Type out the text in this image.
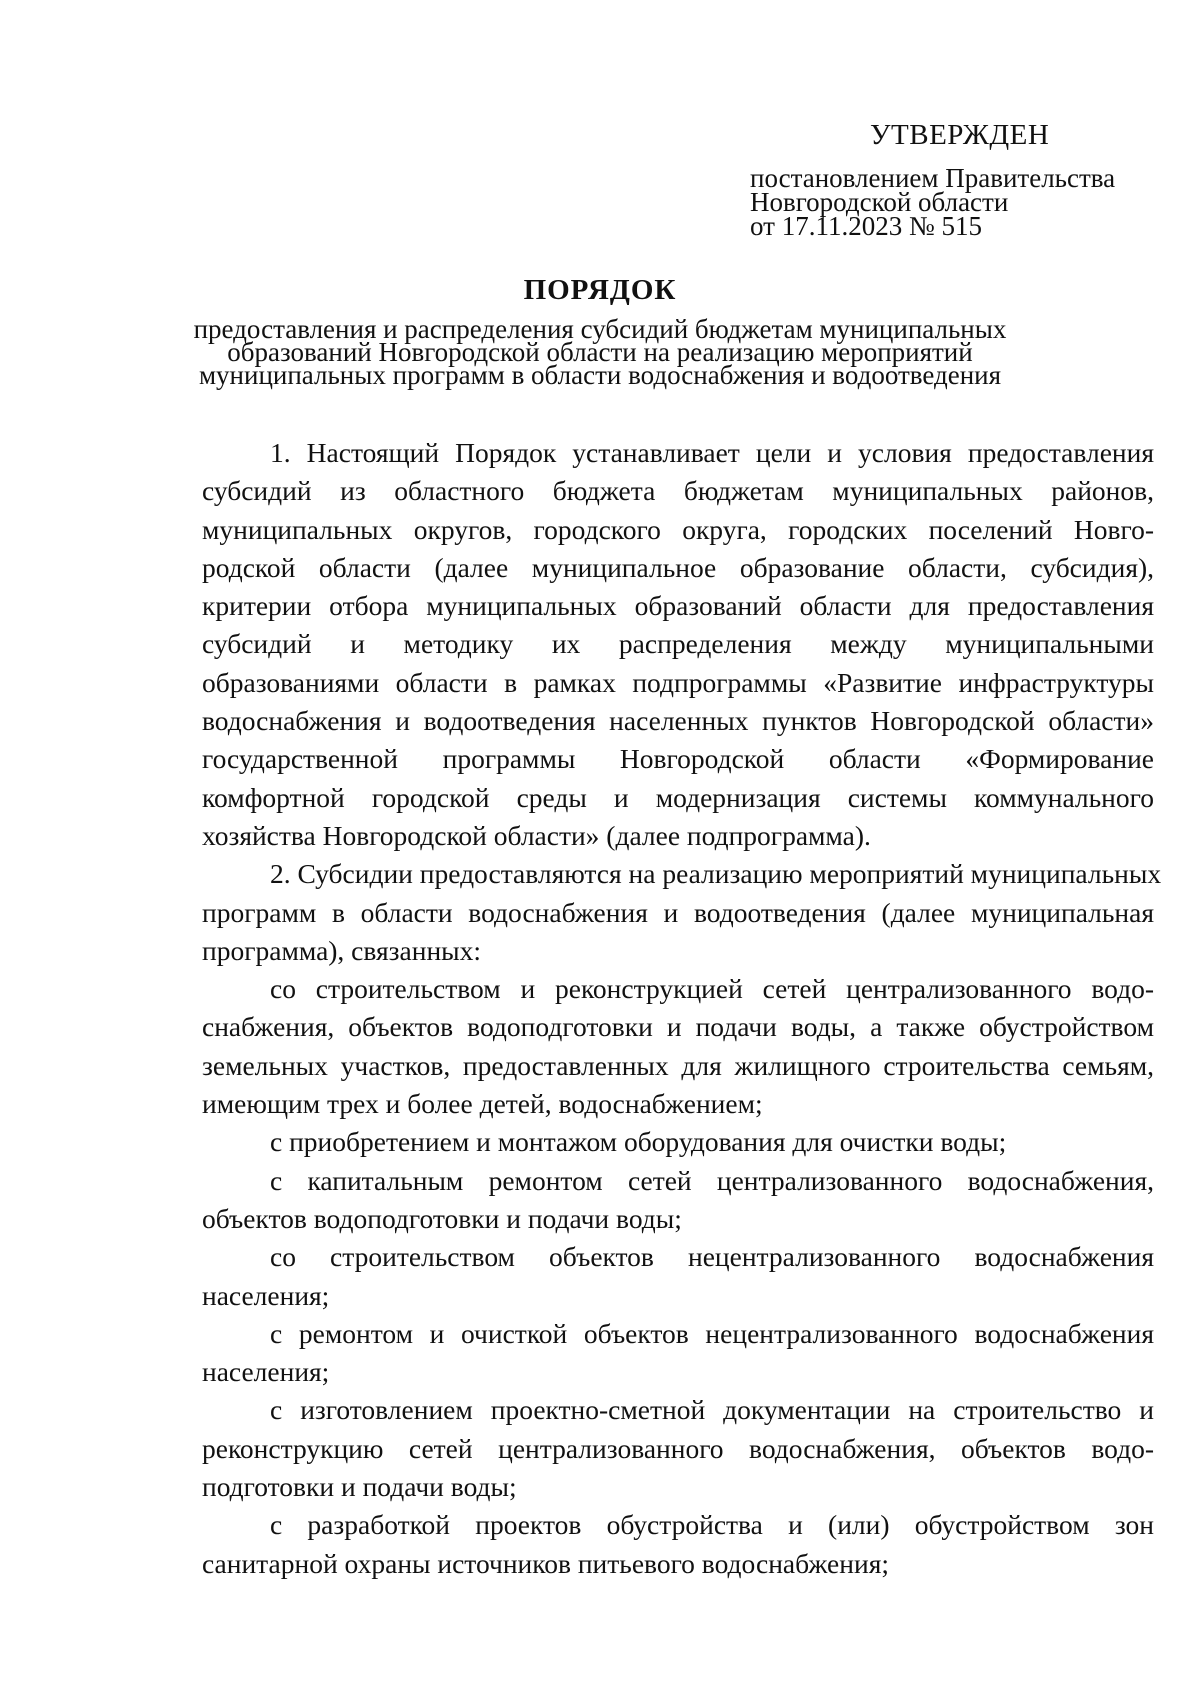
УТВЕРЖДЕН
постановлением Правительства
Новгородской области
от 17.11.2023 № 515
ПОРЯДОК
предоставления и распределения субсидий бюджетам муниципальных
образований Новгородской области на реализацию мероприятий
муниципальных программ в области водоснабжения и водоотведения
1. Настоящий Порядок устанавливает цели и условия предоставления
субсидий из областного бюджета бюджетам муниципальных районов,
муниципальных округов, городского округа, городских поселений Новго-
родской области (далее муниципальное образование области, субсидия),
критерии отбора муниципальных образований области для предоставления
субсидий и методику их распределения между муниципальными
образованиями области в рамках подпрограммы «Развитие инфраструктуры
водоснабжения и водоотведения населенных пунктов Новгородской области»
государственной программы Новгородской области «Формирование
комфортной городской среды и модернизация системы коммунального
хозяйства Новгородской области» (далее подпрограмма).
2. Субсидии предоставляются на реализацию мероприятий муниципальных
программ в области водоснабжения и водоотведения (далее муниципальная
программа), связанных:
со строительством и реконструкцией сетей централизованного водо-
снабжения, объектов водоподготовки и подачи воды, а также обустройством
земельных участков, предоставленных для жилищного строительства семьям,
имеющим трех и более детей, водоснабжением;
с приобретением и монтажом оборудования для очистки воды;
с капитальным ремонтом сетей централизованного водоснабжения,
объектов водоподготовки и подачи воды;
со строительством объектов нецентрализованного водоснабжения
населения;
с ремонтом и очисткой объектов нецентрализованного водоснабжения
населения;
с изготовлением проектно-сметной документации на строительство и
реконструкцию сетей централизованного водоснабжения, объектов водо-
подготовки и подачи воды;
с разработкой проектов обустройства и (или) обустройством зон
санитарной охраны источников питьевого водоснабжения;
